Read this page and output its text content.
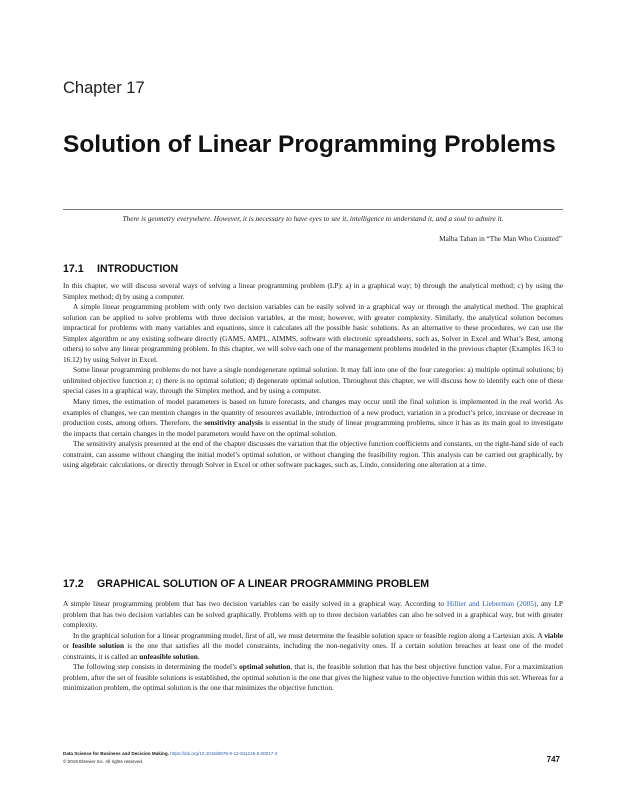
Chapter 17
Solution of Linear Programming Problems
There is geometry everywhere. However, it is necessary to have eyes to see it, intelligence to understand it, and a soul to admire it.
Malba Tahan in “The Man Who Counted”
17.1 INTRODUCTION

In this chapter, we will discuss several ways of solving a linear programming problem (LP): a) in a graphical way; b) through the analytical method; c) by using the Simplex method; d) by using a computer.

A simple linear programming problem with only two decision variables can be easily solved in a graphical way or through the analytical method. The graphical solution can be applied to solve problems with three decision variables, at the most; however, with greater complexity. Similarly, the analytical solution becomes impractical for problems with many variables and equations, since it calculates all the possible basic solutions. As an alternative to these procedures, we can use the Simplex algorithm or any existing software directly (GAMS, AMPL, AIMMS, software with electronic spreadsheets, such as, Solver in Excel and What’s Best, among others) to solve any linear programming problem. In this chapter, we will solve each one of the management problems modeled in the previous chapter (Examples 16.3 to 16.12) by using Solver in Excel.

Some linear programming problems do not have a single nondegenerate optimal solution. It may fall into one of the four categories: a) multiple optimal solutions; b) unlimited objective function z; c) there is no optimal solution; d) degenerate optimal solution. Throughout this chapter, we will discuss how to identify each one of these special cases in a graphical way, through the Simplex method, and by using a computer.

Many times, the estimation of model parameters is based on future forecasts, and changes may occur until the final solution is implemented in the real world. As examples of changes, we can mention changes in the quantity of resources available, introduction of a new product, variation in a product’s price, increase or decrease in production costs, among others. Therefore, the sensitivity analysis is essential in the study of linear programming problems, since it has as its main goal to investigate the impacts that certain changes in the model parameters would have on the optimal solution.

The sensitivity analysis presented at the end of the chapter discusses the variation that the objective function coefficients and constants, on the right-hand side of each constraint, can assume without changing the initial model’s optimal solution, or without changing the feasibility region. This analysis can be carried out graphically, by using algebraic calculations, or directly through Solver in Excel or other software packages, such as, Lindo, considering one alteration at a time.

17.2 GRAPHICAL SOLUTION OF A LINEAR PROGRAMMING PROBLEM

A simple linear programming problem that has two decision variables can be easily solved in a graphical way. According to Hillier and Lieberman (2005), any LP problem that has two decision variables can be solved graphically. Problems with up to three decision variables can also be solved in a graphical way, but with greater complexity.

In the graphical solution for a linear programming model, first of all, we must determine the feasible solution space or feasible region along a Cartesian axis. A viable or feasible solution is the one that satisfies all the model constraints, including the non-negativity ones. If a certain solution breaches at least one of the model constraints, it is called an unfeasible solution.

The following step consists in determining the model’s optimal solution, that is, the feasible solution that has the best objective function value. For a maximization problem, after the set of feasible solutions is established, the optimal solution is the one that gives the highest value to the objective function within this set. Whereas for a minimization problem, the optimal solution is the one that minimizes the objective function.

Data Science for Business and Decision Making. https://doi.org/10.1016/B978-0-12-811216-8.00017-3
© 2019 Elsevier Inc. All rights reserved.	747
